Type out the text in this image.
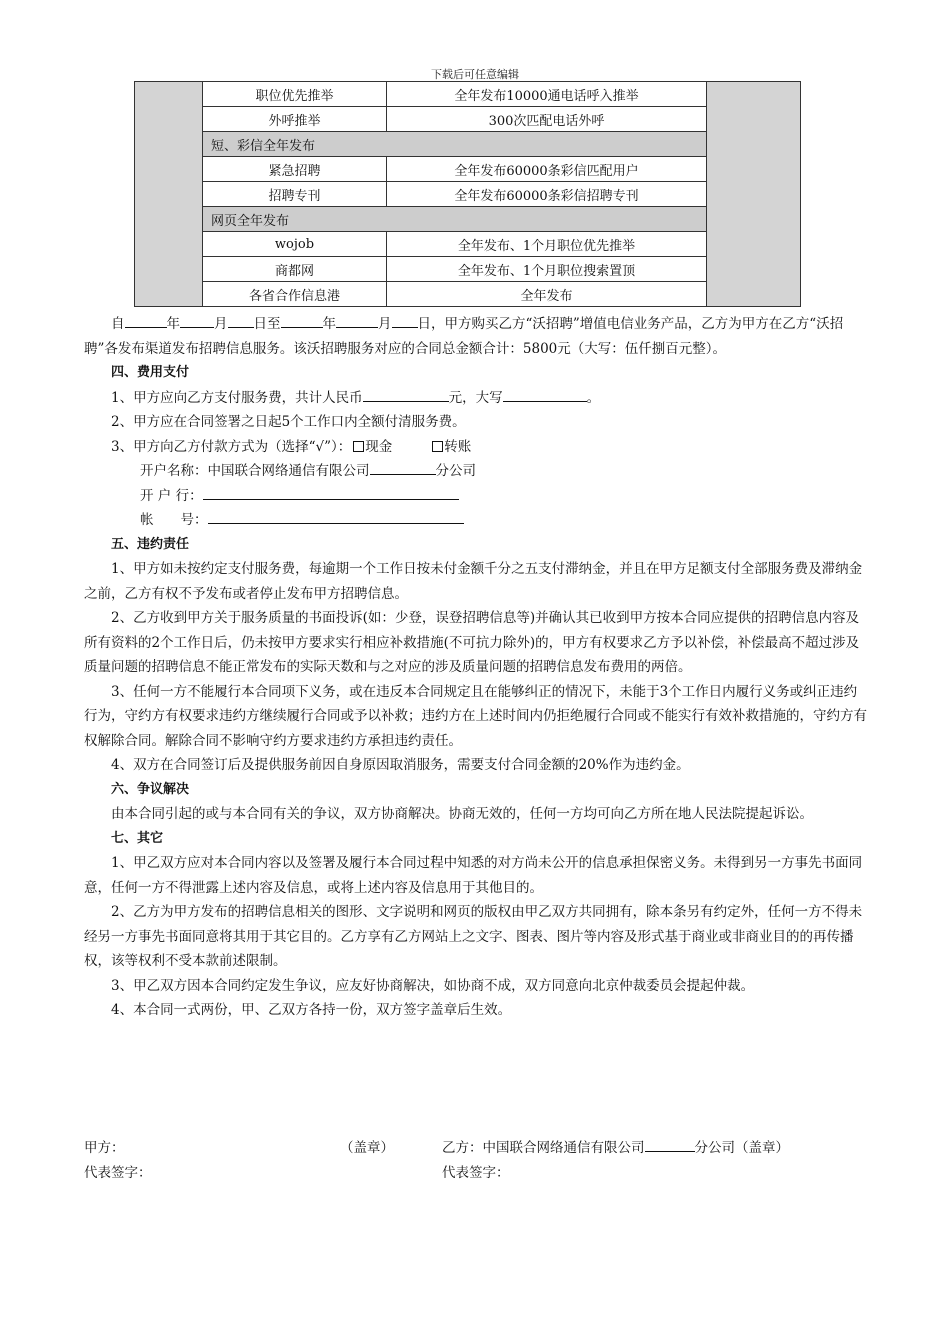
下载后可任意编辑
	职位优先推举	全年发布10000通电话呼入推举	
	外呼推举	300次匹配电话外呼	
	短、彩信全年发布		
	紧急招聘	全年发布60000条彩信匹配用户	
	招聘专刊	全年发布60000条彩信招聘专刊	
	网页全年发布		
	wojob	全年发布、1个月职位优先推举	
	商都网	全年发布、1个月职位搜索置顶	
	各省合作信息港	全年发布	

自	年	月 日至	年	月 日，甲方购买乙方“沃招聘”增值电信业务产品，乙方为甲方在乙方“沃招聘”各发布渠道发布招聘信息服务。该沃招聘服务对应的合同总金额合计：5800元（大写：伍仟捌百元整）。

四、费用支付

1、甲方应向乙方支付服务费，共计人民币	元，大写	。

2、甲方应在合同签署之日起5个工作口内全额付清服务费。

3、甲方向乙方付款方式为（选择“√”）： 现金	转账

开户名称：中国联合网络通信有限公司	分公司

开 户 行：

帐　　号：

五、违约责任

1、甲方如未按约定支付服务费，每逾期一个工作日按未付金额千分之五支付滞纳金，并且在甲方足额支付全部服务费及滞纳金之前，乙方有权不予发布或者停止发布甲方招聘信息。

2、乙方收到甲方关于服务质量的书面投诉(如：少登，误登招聘信息等)并确认其已收到甲方按本合同应提供的招聘信息内容及所有资料的2个工作日后，仍未按甲方要求实行相应补救措施(不可抗力除外)的，甲方有权要求乙方予以补偿，补偿最高不超过涉及质量问题的招聘信息不能正常发布的实际天数和与之对应的涉及质量问题的招聘信息发布费用的两倍。

3、任何一方不能履行本合同项下义务，或在违反本合同规定且在能够纠正的情况下，未能于3个工作日内履行义务或纠正违约行为，守约方有权要求违约方继续履行合同或予以补救；违约方在上述时间内仍拒绝履行合同或不能实行有效补救措施的，守约方有权解除合同。解除合同不影响守约方要求违约方承担违约责任。

4、双方在合同签订后及提供服务前因自身原因取消服务，需要支付合同金额的20%作为违约金。

六、争议解决

由本合同引起的或与本合同有关的争议，双方协商解决。协商无效的，任何一方均可向乙方所在地人民法院提起诉讼。

七、其它

1、甲乙双方应对本合同内容以及签署及履行本合同过程中知悉的对方尚未公开的信息承担保密义务。未得到另一方事先书面同意，任何一方不得泄露上述内容及信息，或将上述内容及信息用于其他目的。

2、乙方为甲方发布的招聘信息相关的图形、文字说明和网页的版权由甲乙双方共同拥有，除本条另有约定外，任何一方不得未经另一方事先书面同意将其用于其它目的。乙方享有乙方网站上之文字、图表、图片等内容及形式基于商业或非商业目的的再传播权，该等权利不受本款前述限制。

3、甲乙双方因本合同约定发生争议，应友好协商解决，如协商不成，双方同意向北京仲裁委员会提起仲裁。

4、本合同一式两份，甲、乙双方各持一份，双方签字盖章后生效。

甲方：	（盖章）	乙方：中国联合网络通信有限公司	分公司（盖章）
代表签字：	代表签字：
